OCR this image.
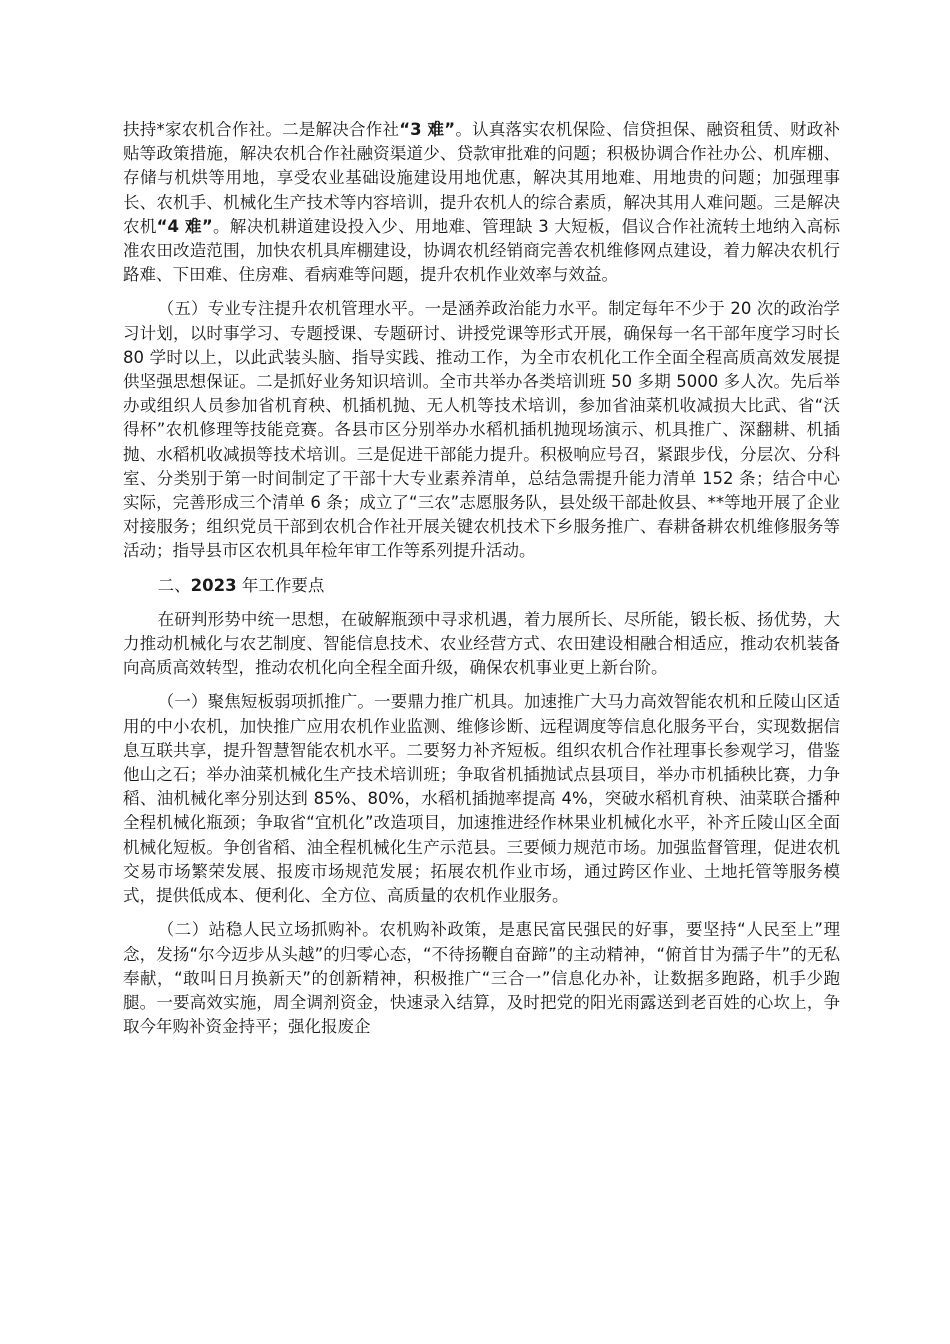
扶持*家农机合作社。二是解决合作社“3 难”。认真落实农机保险、信贷担保、融资租赁、财政补贴等政策措施，解决农机合作社融资渠道少、贷款审批难的问题；积极协调合作社办公、机库棚、存储与机烘等用地，享受农业基础设施建设用地优惠，解决其用地难、用地贵的问题；加强理事长、农机手、机械化生产技术等内容培训，提升农机人的综合素质，解决其用人难问题。三是解决农机“4 难”。解决机耕道建设投入少、用地难、管理缺 3 大短板，倡议合作社流转土地纳入高标准农田改造范围，加快农机具库棚建设，协调农机经销商完善农机维修网点建设，着力解决农机行路难、下田难、住房难、看病难等问题，提升农机作业效率与效益。

（五）专业专注提升农机管理水平。一是涵养政治能力水平。制定每年不少于 20 次的政治学习计划，以时事学习、专题授课、专题研讨、讲授党课等形式开展，确保每一名干部年度学习时长 80 学时以上，以此武装头脑、指导实践、推动工作，为全市农机化工作全面全程高质高效发展提供坚强思想保证。二是抓好业务知识培训。全市共举办各类培训班 50 多期 5000 多人次。先后举办或组织人员参加省机育秧、机插机抛、无人机等技术培训，参加省油菜机收减损大比武、省“沃得杯”农机修理等技能竞赛。各县市区分别举办水稻机插机抛现场演示、机具推广、深翻耕、机插抛、水稻机收减损等技术培训。三是促进干部能力提升。积极响应号召，紧跟步伐，分层次、分科室、分类别于第一时间制定了干部十大专业素养清单，总结急需提升能力清单 152 条；结合中心实际，完善形成三个清单 6 条；成立了“三农”志愿服务队，县处级干部赴攸县、**等地开展了企业对接服务；组织党员干部到农机合作社开展关键农机技术下乡服务推广、春耕备耕农机维修服务等活动；指导县市区农机具年检年审工作等系列提升活动。

二、2023 年工作要点

在研判形势中统一思想，在破解瓶颈中寻求机遇，着力展所长、尽所能，锻长板、扬优势，大力推动机械化与农艺制度、智能信息技术、农业经营方式、农田建设相融合相适应，推动农机装备向高质高效转型，推动农机化向全程全面升级，确保农机事业更上新台阶。

（一）聚焦短板弱项抓推广。一要鼎力推广机具。加速推广大马力高效智能农机和丘陵山区适用的中小农机，加快推广应用农机作业监测、维修诊断、远程调度等信息化服务平台，实现数据信息互联共享，提升智慧智能农机水平。二要努力补齐短板。组织农机合作社理事长参观学习，借鉴他山之石；举办油菜机械化生产技术培训班；争取省机插抛试点县项目，举办市机插秧比赛，力争稻、油机械化率分别达到 85%、80%，水稻机插抛率提高 4%，突破水稻机育秧、油菜联合播种全程机械化瓶颈；争取省“宜机化”改造项目，加速推进经作林果业机械化水平，补齐丘陵山区全面机械化短板。争创省稻、油全程机械化生产示范县。三要倾力规范市场。加强监督管理，促进农机交易市场繁荣发展、报废市场规范发展；拓展农机作业市场，通过跨区作业、土地托管等服务模式，提供低成本、便利化、全方位、高质量的农机作业服务。

（二）站稳人民立场抓购补。农机购补政策，是惠民富民强民的好事，要坚持“人民至上”理念，发扬“尔今迈步从头越”的归零心态，“不待扬鞭自奋蹄”的主动精神，“俯首甘为孺子牛”的无私奉献，“敢叫日月换新天”的创新精神，积极推广“三合一”信息化办补，让数据多跑路，机手少跑腿。一要高效实施，周全调剂资金，快速录入结算，及时把党的阳光雨露送到老百姓的心坎上，争取今年购补资金持平；强化报废企
